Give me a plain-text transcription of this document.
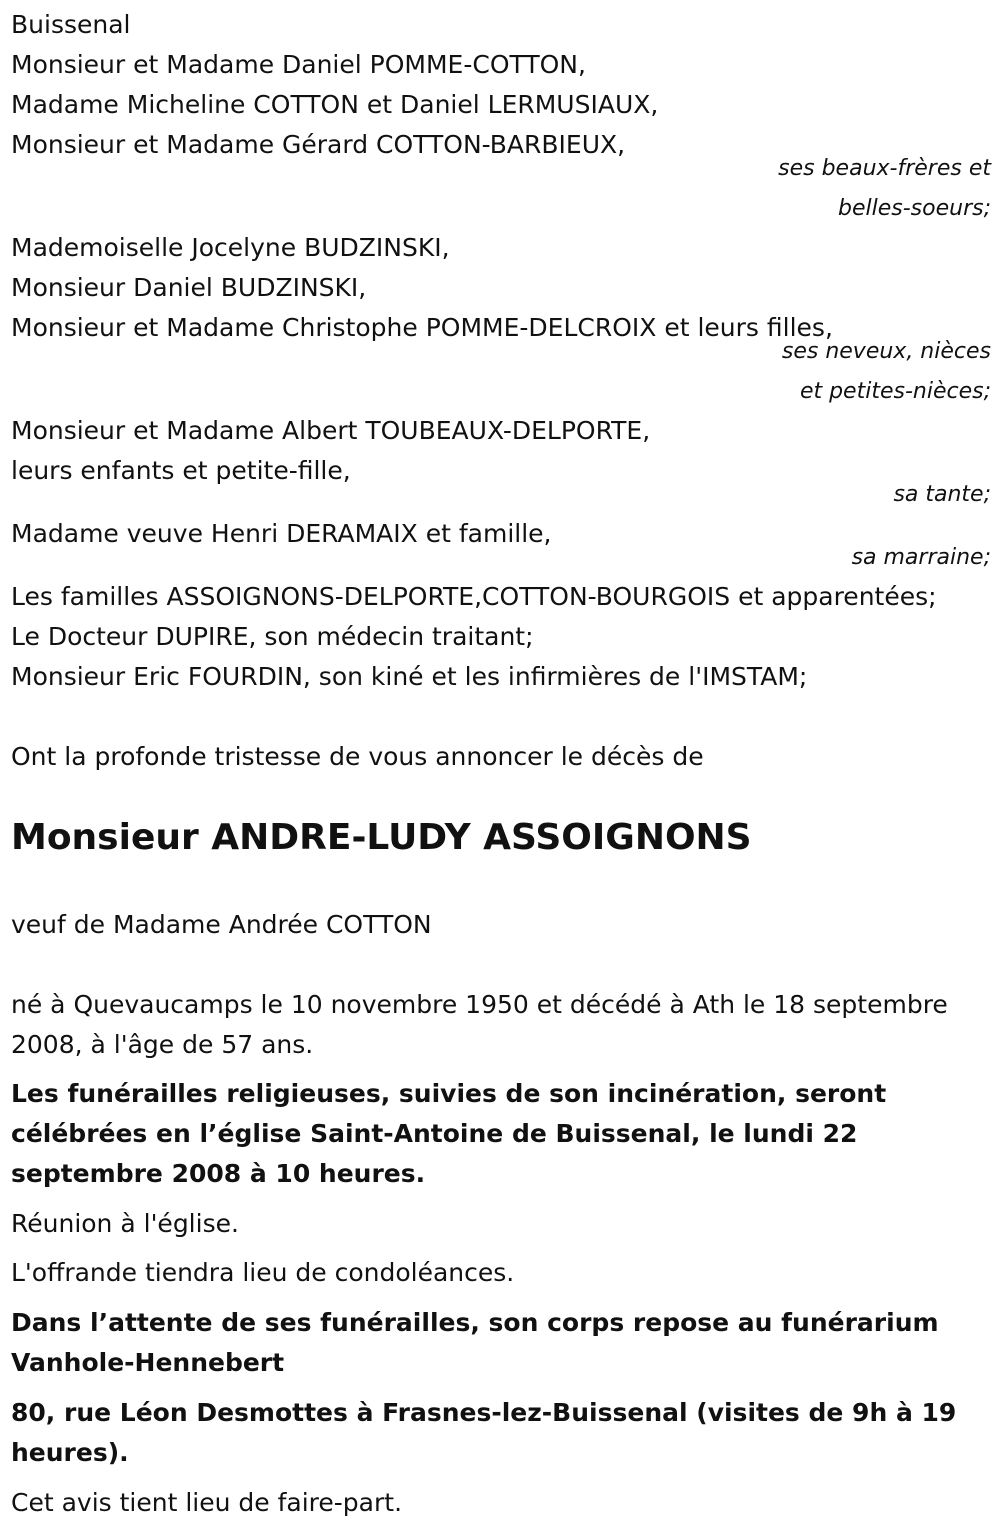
Buissenal
Monsieur et Madame Daniel POMME-COTTON,
Madame Micheline COTTON et Daniel LERMUSIAUX,
Monsieur et Madame Gérard COTTON-BARBIEUX,
ses beaux-frères et
belles-soeurs;
Mademoiselle Jocelyne BUDZINSKI,
Monsieur Daniel BUDZINSKI,
Monsieur et Madame Christophe POMME-DELCROIX et leurs filles,
ses neveux, nièces
et petites-nièces;
Monsieur et Madame Albert TOUBEAUX-DELPORTE,
leurs enfants et petite-fille,
sa tante;
Madame veuve Henri DERAMAIX et famille,
sa marraine;
Les familles ASSOIGNONS-DELPORTE,COTTON-BOURGOIS et apparentées;
Le Docteur DUPIRE, son médecin traitant;
Monsieur Eric FOURDIN, son kiné et les infirmières de l'IMSTAM;
Ont la profonde tristesse de vous annoncer le décès de
Monsieur ANDRE-LUDY ASSOIGNONS
veuf de Madame Andrée COTTON
né à Quevaucamps le 10 novembre 1950 et décédé à Ath le 18 septembre 2008, à l'âge de 57 ans.
Les funérailles religieuses, suivies de son incinération, seront célébrées en l’église Saint-Antoine de Buissenal, le lundi 22 septembre 2008 à 10 heures.
Réunion à l'église.
L'offrande tiendra lieu de condoléances.
Dans l’attente de ses funérailles, son corps repose au funérarium Vanhole-Hennebert
80, rue Léon Desmottes à Frasnes-lez-Buissenal (visites de 9h à 19 heures).
Cet avis tient lieu de faire-part.
